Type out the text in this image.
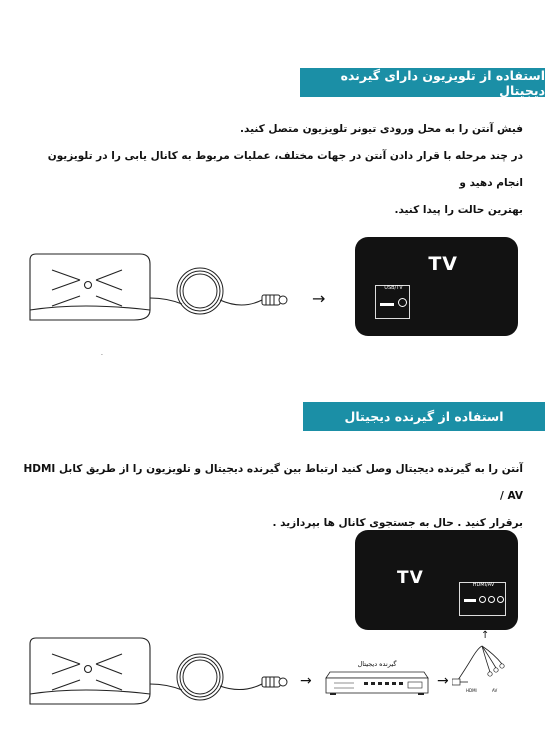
استفاده از تلویزیون دارای گیرنده دیجیتال
فیش آنتن را به محل ورودی تیونر تلویزیون متصل کنید.
در چند مرحله با قرار دادن آنتن در جهات مختلف، عملیات مربوط به کانال یابی را در تلویزیون انجام دهید و
بهترین حالت را پیدا کنید.
→
TV
USB/TV
·
استفاده از گیرنده دیجیتال
آنتن را به گیرنده دیجیتال وصل کنید ارتباط بین گیرنده دیجیتال و تلویزیون را از طریق کابل HDMI / AV
برقرار کنید . حال به جستجوی کانال ها بپردازید .
TV	HDMI/AV
↑
→
گیرنده دیجیتال
→
HDMI	AV
